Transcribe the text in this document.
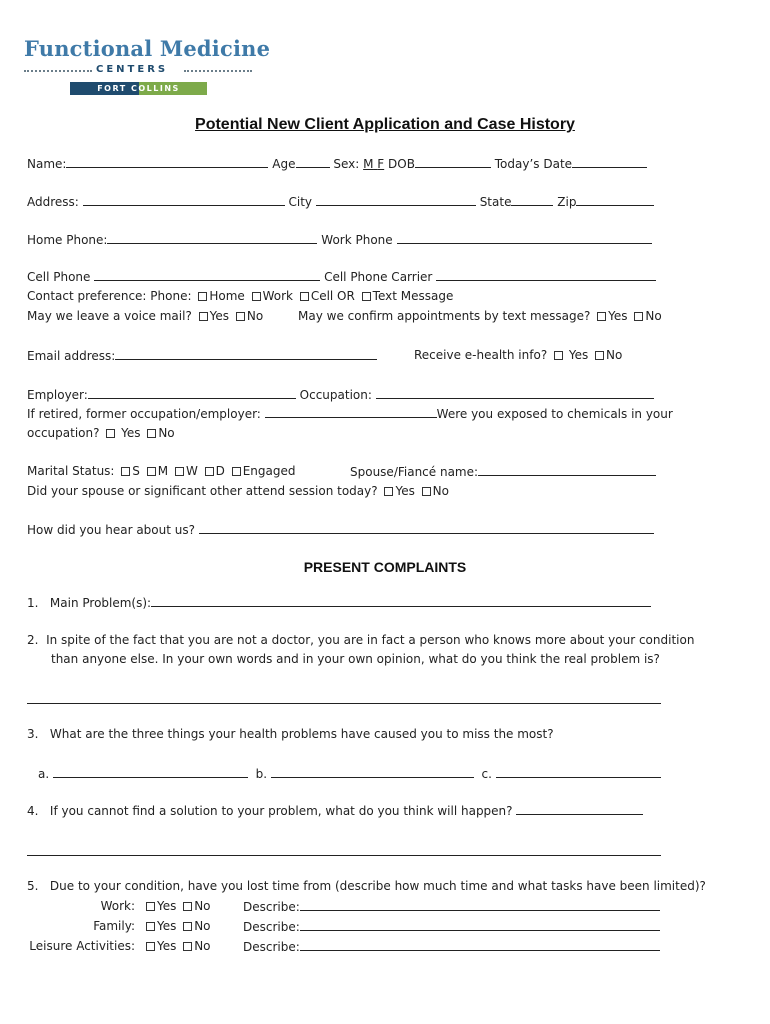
Functional Medicine
CENTERS
FORT COLLINS
Potential New Client Application and Case History
Name:	Age	Sex: M F DOB	Today’s Date
Address:	City	State	Zip
Home Phone:	Work Phone
Cell Phone	Cell Phone Carrier
Contact preference: Phone: Home Work Cell OR Text Message
May we leave a voice mail? Yes No	May we confirm appointments by text message? Yes No
Email address:	Receive e-health info? Yes No
Employer:	Occupation:
If retired, former occupation/employer:	Were you exposed to chemicals in your
occupation? Yes No
Marital Status: S M W D Engaged	Spouse/Fiancé name:
Did your spouse or significant other attend session today? Yes No
How did you hear about us?
PRESENT COMPLAINTS
1. Main Problem(s):
2. In spite of the fact that you are not a doctor, you are in fact a person who knows more about your condition
than anyone else. In your own words and in your own opinion, what do you think the real problem is?
3. What are the three things your health problems have caused you to miss the most?
a.	b.	c.
4. If you cannot find a solution to your problem, what do you think will happen?
5. Due to your condition, have you lost time from (describe how much time and what tasks have been limited)?
Work:	Yes No	Describe:
Family:	Yes No	Describe:
Leisure Activities:	Yes No	Describe:
